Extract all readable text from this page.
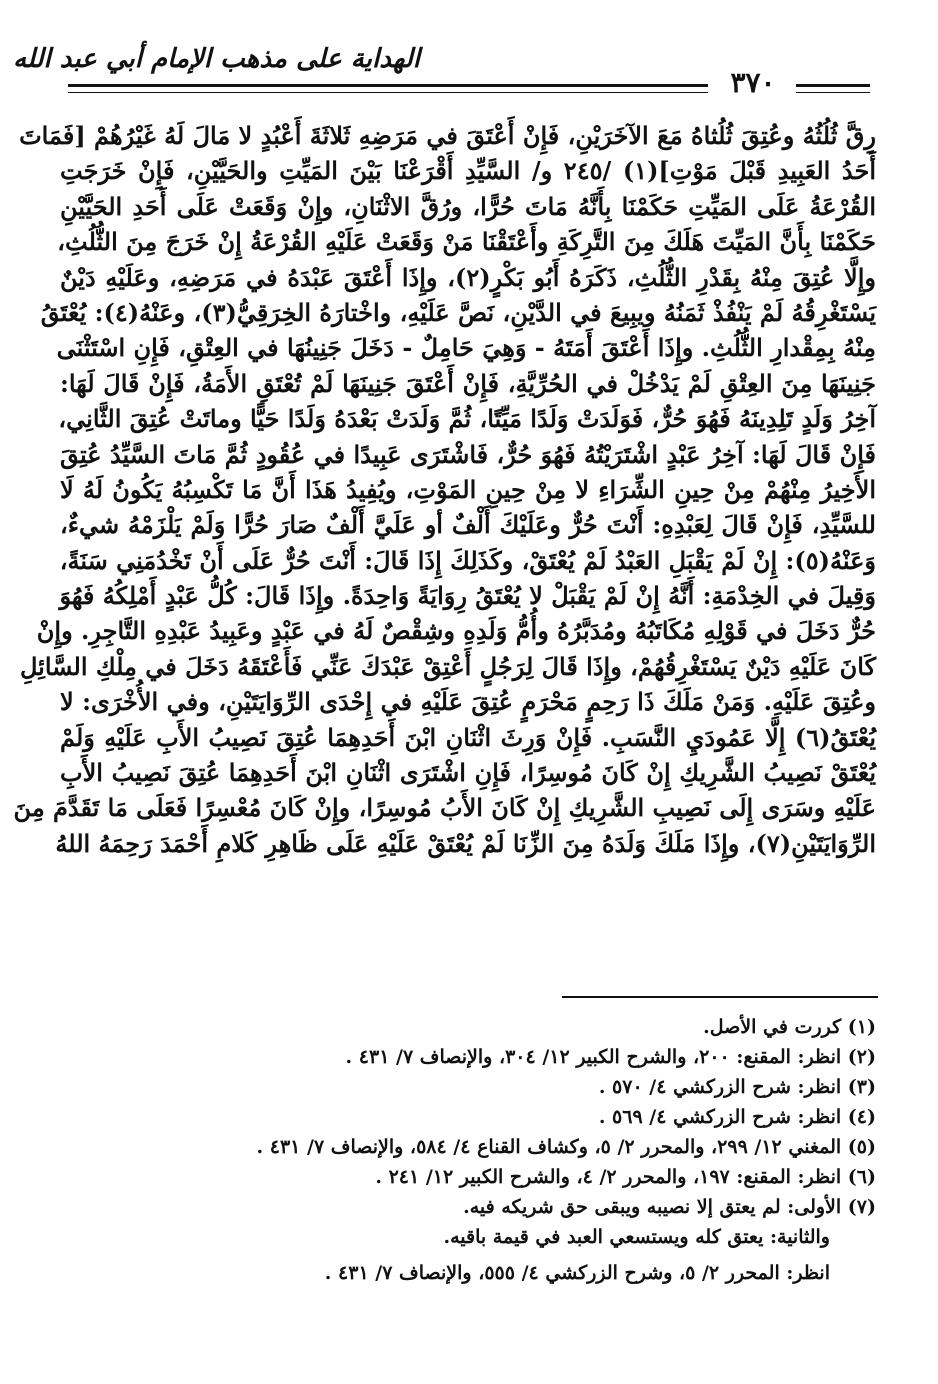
الهداية على مذهب الإمام أبي عبد الله
٣٧٠
رِقَّ ثُلُثُهُ وعُتِقَ ثُلُثاهُ مَعَ الآخَرَيْنِ، فَإِنْ أَعْتَقَ في مَرَضِهِ ثَلاثَةَ أَعْبُدٍ لا مَالَ لَهُ غَيْرُهُمْ [فَمَاتَ
أَحَدُ العَبِيدِ قَبْلَ مَوْتِ](١) /٢٤٥ و/ السَّيِّدِ أَقْرَعْنَا بَيْنَ المَيِّتِ والحَيَّيْنِ، فَإِنْ خَرَجَتِ
القُرْعَةُ عَلَى المَيِّتِ حَكَمْنَا بِأَنَّهُ مَاتَ حُرًّا، ورُقَّ الاثْنَانِ، وإِنْ وَقَعَتْ عَلَى أَحَدِ الحَيَّيْنِ
حَكَمْنَا بِأَنَّ المَيِّتَ هَلَكَ مِنَ التَّرِكَةِ وأَعْتَقْنَا مَنْ وَقَعَتْ عَلَيْهِ القُرْعَةُ إِنْ خَرَجَ مِنَ الثُّلُثِ،
وإِلَّا عُتِقَ مِنْهُ بِقَدْرِ الثُّلُثِ، ذَكَرَهُ أَبُو بَكْرٍ(٢)، وإِذَا أَعْتَقَ عَبْدَهُ في مَرَضِهِ، وعَلَيْهِ دَيْنٌ
يَسْتَغْرِقُهُ لَمْ يَنْفُذْ ثَمَنُهُ ويبِيعَ في الدَّيْنِ، نَصَّ عَلَيْهِ، واخْتارَهُ الخِرَقِيُّ(٣)، وعَنْهُ(٤): يُعْتَقُ
مِنْهُ بِمِقْدارِ الثُّلُثِ. وإِذَا أَعْتَقَ أَمَتَهُ - وَهِيَ حَامِلٌ - دَخَلَ جَنِينُهَا في العِتْقِ، فَإِنِ اسْتَثْنَى
جَنِينَهَا مِنَ العِتْقِ لَمْ يَدْخُلْ في الحُرِّيَّةِ، فَإِنْ أَعْتَقَ جَنِينَهَا لَمْ تُعْتَقِ الأَمَةُ، فَإِنْ قَالَ لَهَا:
آخِرُ وَلَدٍ تَلِدِينَهُ فَهُوَ حُرٌّ، فَوَلَدَتْ وَلَدًا مَيِّتًا، ثُمَّ وَلَدَتْ بَعْدَهُ وَلَدًا حَيًّا وماتَتْ عُتِقَ الثَّانِي،
فَإِنْ قَالَ لَهَا: آخِرُ عَبْدٍ اشْتَرَيْتُهُ فَهُوَ حُرٌّ، فَاشْتَرَى عَبِيدًا في عُقُودٍ ثُمَّ مَاتَ السَّيِّدُ عُتِقَ
الأَخِيرُ مِنْهُمْ مِنْ حِينِ الشِّرَاءِ لا مِنْ حِينِ المَوْتِ، ويُفِيدُ هَذَا أَنَّ مَا تَكْسِبُهُ يَكُونُ لَهُ لَا
للسَّيِّدِ، فَإِنْ قَالَ لِعَبْدِهِ: أَنْتَ حُرٌّ وعَلَيْكَ أَلْفٌ أو عَلَيَّ أَلْفٌ صَارَ حُرًّا وَلَمْ يَلْزَمْهُ شيءٌ،
وَعَنْهُ(٥): إِنْ لَمْ يَقْبَلِ العَبْدُ لَمْ يُعْتَقْ، وكَذَلِكَ إِذَا قَالَ: أَنْتَ حُرٌّ عَلَى أَنْ تَخْدُمَنِي سَنَةً،
وَقِيلَ في الخِدْمَةِ: أَنَّهُ إِنْ لَمْ يَقْبَلْ لا يُعْتَقُ رِوَايَةً وَاحِدَةً. وإِذَا قَالَ: كُلُّ عَبْدٍ أَمْلِكُهُ فَهُوَ
حُرٌّ دَخَلَ في قَوْلِهِ مُكَاتَبُهُ ومُدَبَّرُهُ وأُمُّ وَلَدِهِ وشِقْصٌ لَهُ في عَبْدٍ وعَبِيدُ عَبْدِهِ التَّاجِرِ. وإِنْ
كَانَ عَلَيْهِ دَيْنٌ يَسْتَغْرِقُهُمْ، وإِذَا قَالَ لِرَجُلٍ أَعْتِقْ عَبْدَكَ عَنِّي فَأَعْتَقَهُ دَخَلَ في مِلْكِ السَّائِلِ
وعُتِقَ عَلَيْهِ. وَمَنْ مَلَكَ ذَا رَحِمٍ مَحْرَمٍ عُتِقَ عَلَيْهِ في إِحْدَى الرِّوَايَتَيْنِ، وفي الأُخْرَى: لا
يُعْتَقُ(٦) إِلَّا عَمُودَيِ النَّسَبِ. فَإِنْ وَرِثَ اثْنَانِ ابْنَ أَحَدِهِمَا عُتِقَ نَصِيبُ الأَبِ عَلَيْهِ وَلَمْ
يُعْتَقْ نَصِيبُ الشَّرِيكِ إِنْ كَانَ مُوسِرًا، فَإِنِ اشْتَرَى اثْنَانِ ابْنَ أَحَدِهِمَا عُتِقَ نَصِيبُ الأَبِ
عَلَيْهِ وسَرَى إِلَى نَصِيبِ الشَّرِيكِ إِنْ كَانَ الأَبُ مُوسِرًا، وإِنْ كَانَ مُعْسِرًا فَعَلَى مَا تَقَدَّمَ مِنَ
الرِّوَايَتَيْنِ(٧)، وإِذَا مَلَكَ وَلَدَهُ مِنَ الزِّنَا لَمْ يُعْتَقْ عَلَيْهِ عَلَى ظَاهِرِ كَلامِ أَحْمَدَ رَحِمَهُ اللهُ
(١) كررت في الأصل.
(٢) انظر: المقنع: ٢٠٠، والشرح الكبير ١٢/ ٣٠٤، والإنصاف ٧/ ٤٣١ .
(٣) انظر: شرح الزركشي ٤/ ٥٧٠ .
(٤) انظر: شرح الزركشي ٤/ ٥٦٩ .
(٥) المغني ١٢/ ٢٩٩، والمحرر ٢/ ٥، وكشاف القناع ٤/ ٥٨٤، والإنصاف ٧/ ٤٣١ .
(٦) انظر: المقنع: ١٩٧، والمحرر ٢/ ٤، والشرح الكبير ١٢/ ٢٤١ .
(٧) الأولى: لم يعتق إلا نصيبه ويبقى حق شريكه فيه.
والثانية: يعتق كله ويستسعي العبد في قيمة باقيه.
انظر: المحرر ٢/ ٥، وشرح الزركشي ٤/ ٥٥٥، والإنصاف ٧/ ٤٣١ .
